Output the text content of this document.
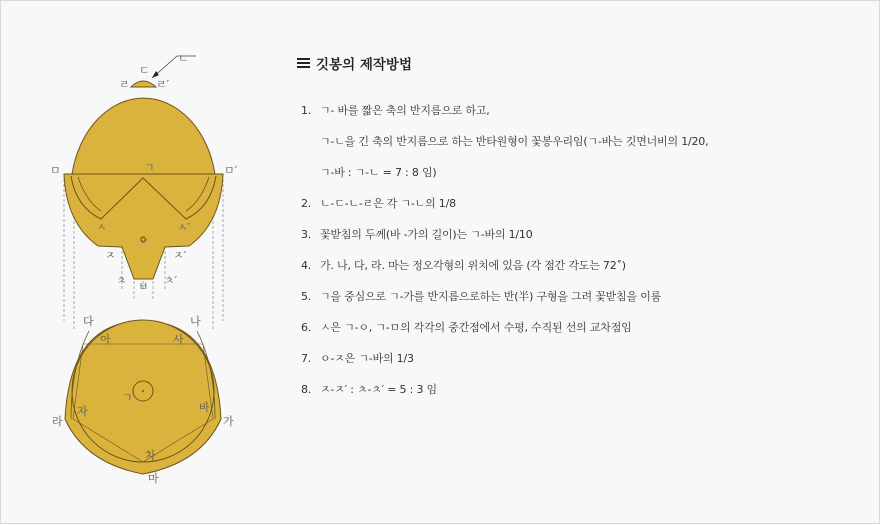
ㄴ
ㄷ
ㄹ ㄹ′
ㅁ	ㅁ′
ㄱ
ㅅ	ㅅ′
ㅇ
ㅈ	ㅈ′
ㅊ	ㅊ′
ㅂ
다	나
아	사
ㄱ
라
자	바
가
차
마
깃봉의 제작방법
1. ㄱ- 바를 짧은 축의 반지름으로 하고,
ㄱ-ㄴ을 긴 축의 반지름으로 하는 반타원형이 꽃봉우리임(ㄱ-바는 깃면너비의 1/20,
ㄱ-바 : ㄱ-ㄴ = 7 : 8 임)
2. ㄴ-ㄷ-ㄴ-ㄹ은 각 ㄱ-ㄴ의 1/8
3. 꽃받침의 두께(바 -가의 길이)는 ㄱ-바의 1/10
4. 가. 나, 다, 라. 마는 정오각형의 위치에 있음 (각 점간 각도는 72˚)
5. ㄱ을 중심으로 ㄱ-가를 반지름으로하는 반(半) 구형을 그려 꽃받침을 이룸
6. ㅅ은 ㄱ-ㅇ, ㄱ-ㅁ의 각각의 중간점에서 수평, 수직된 선의 교차점임
7. ㅇ-ㅈ은 ㄱ-바의 1/3
8. ㅈ-ㅈ′ : ㅊ-ㅊ′ = 5 : 3 임
